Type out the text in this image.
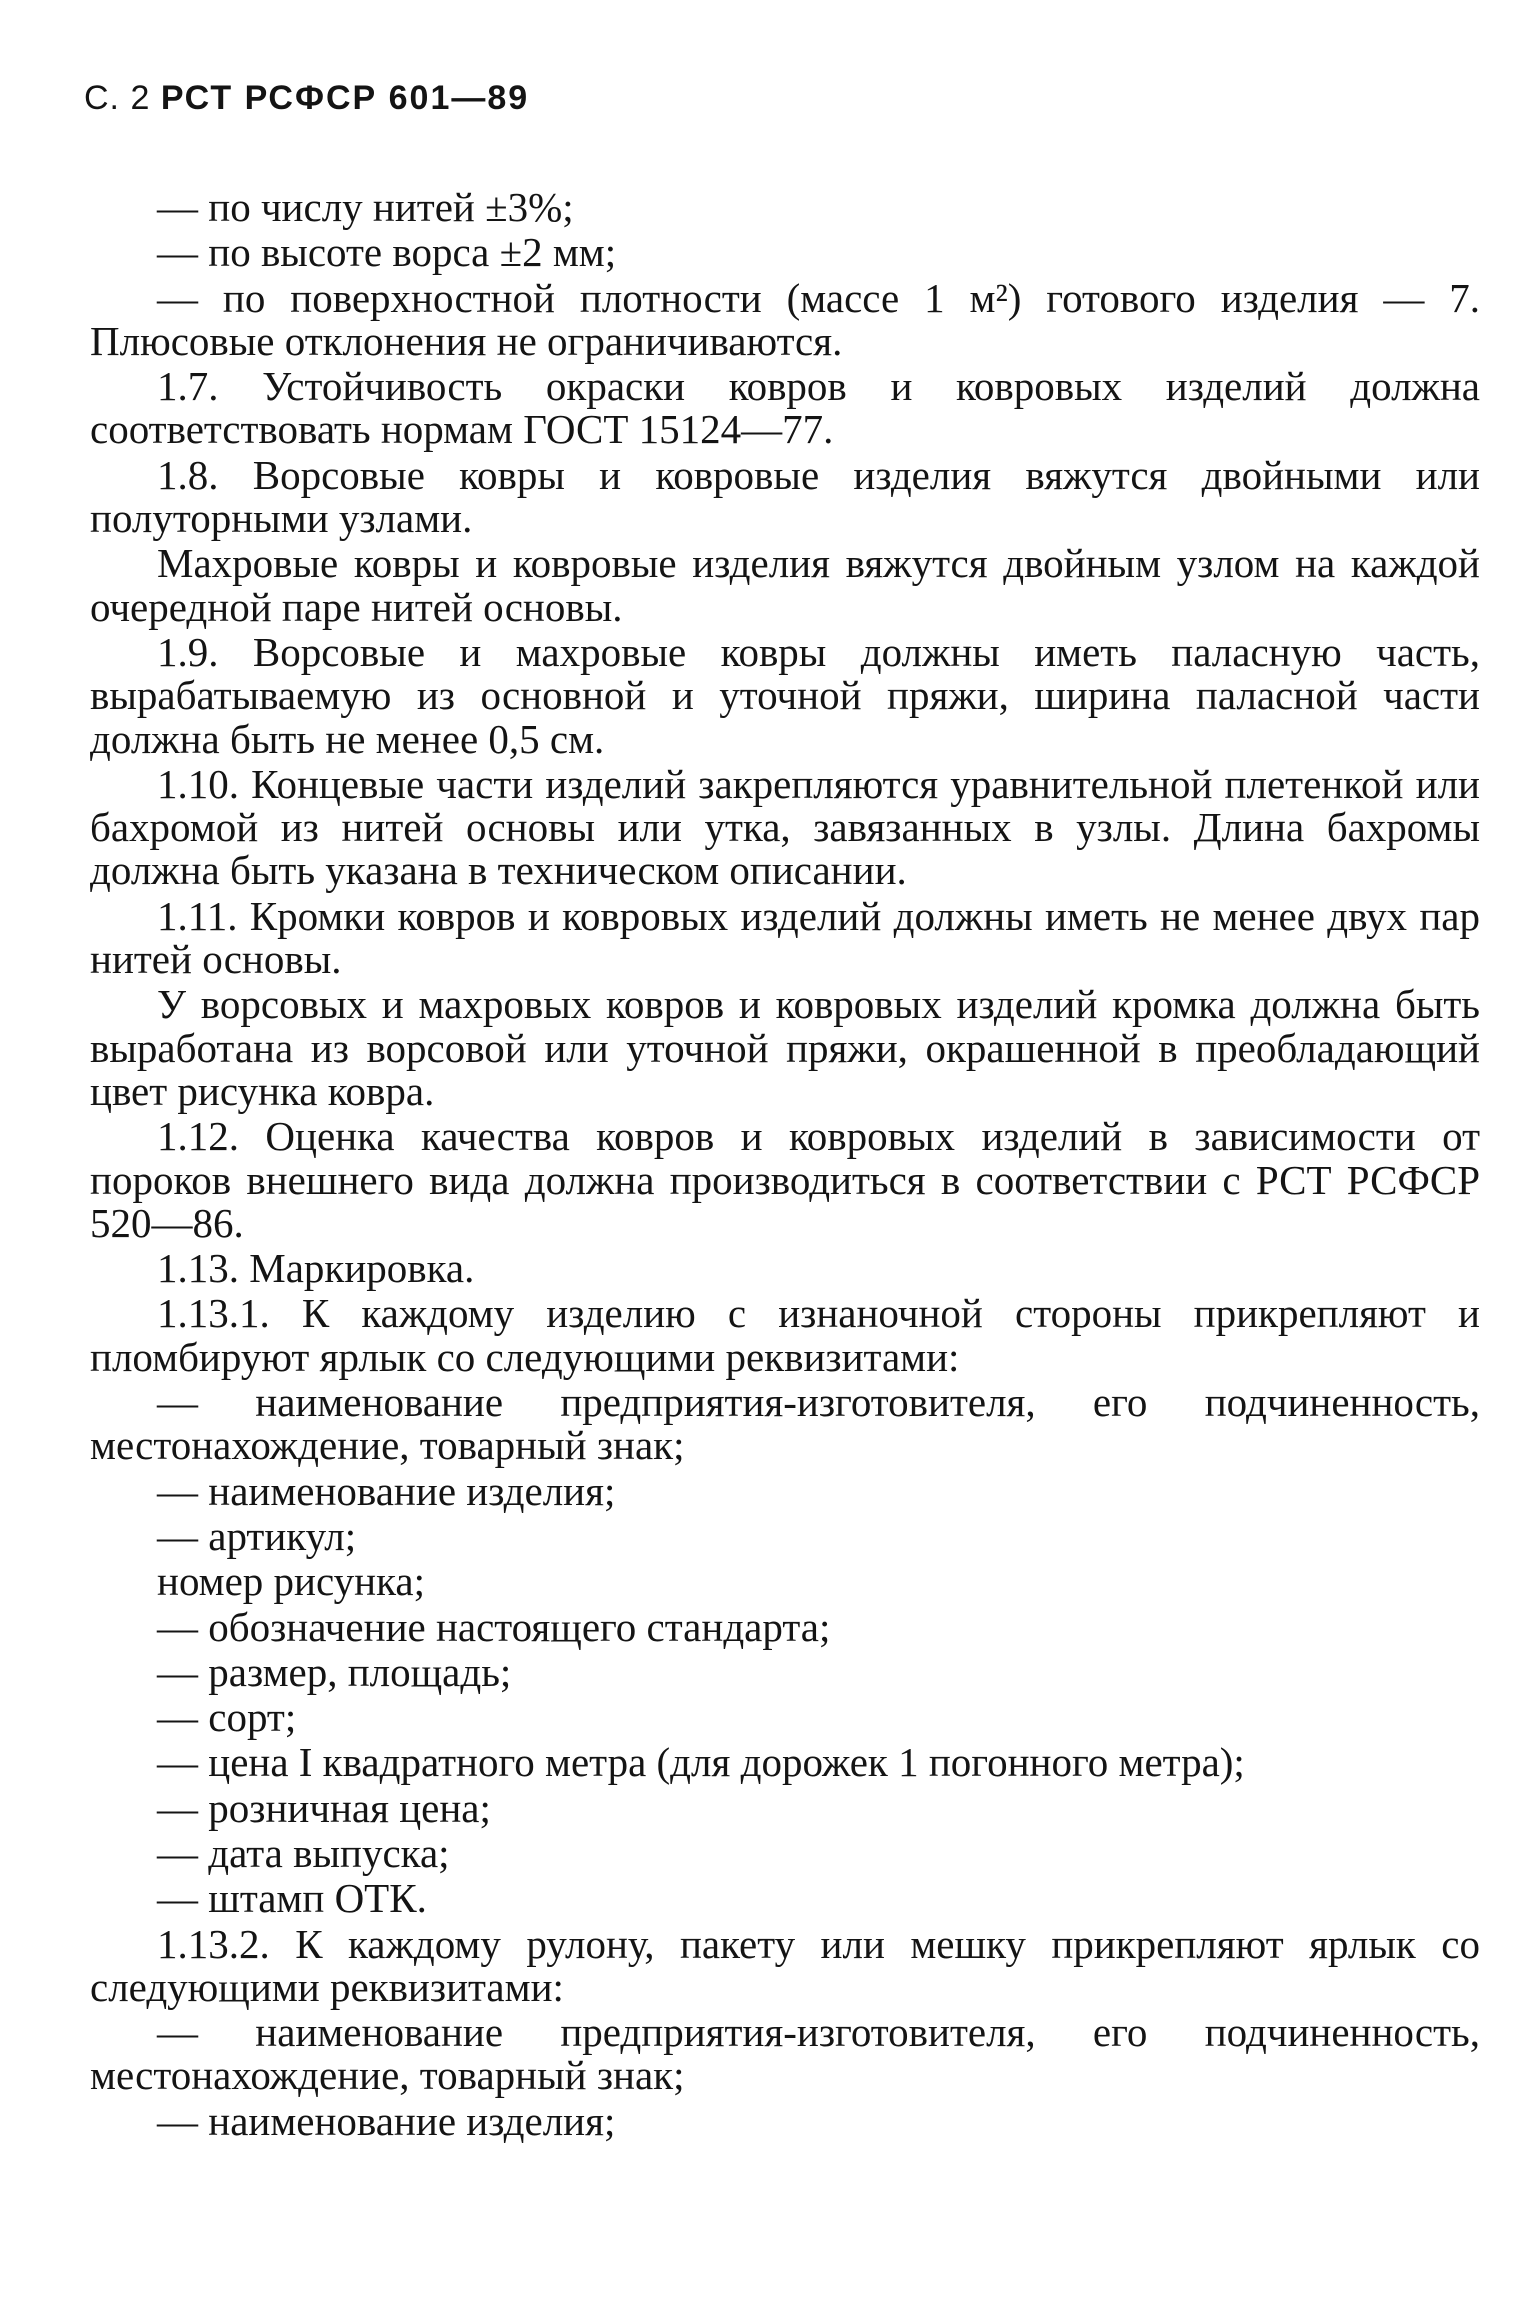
С. 2 РСТ РСФСР 601—89

— по числу нитей ±3%;

— по высоте ворса ±2 мм;

— по поверхностной плотности (массе 1 м²) готового изделия — 7. Плюсовые отклонения не ограничиваются.

1.7. Устойчивость окраски ковров и ковровых изделий должна соответствовать нормам ГОСТ 15124—77.

1.8. Ворсовые ковры и ковровые изделия вяжутся двойными или полуторными узлами.

Махровые ковры и ковровые изделия вяжутся двойным узлом на каждой очередной паре нитей основы.

1.9. Ворсовые и махровые ковры должны иметь паласную часть, вырабатываемую из основной и уточной пряжи, ширина паласной части должна быть не менее 0,5 см.

1.10. Концевые части изделий закрепляются уравнительной плетенкой или бахромой из нитей основы или утка, завязанных в узлы. Длина бахромы должна быть указана в техническом описании.

1.11. Кромки ковров и ковровых изделий должны иметь не менее двух пар нитей основы.

У ворсовых и махровых ковров и ковровых изделий кромка должна быть выработана из ворсовой или уточной пряжи, окрашенной в преобладающий цвет рисунка ковра.

1.12. Оценка качества ковров и ковровых изделий в зависимости от пороков внешнего вида должна производиться в соответствии с РСТ РСФСР 520—86.

1.13. Маркировка.

1.13.1. К каждому изделию с изнаночной стороны прикрепляют и пломбируют ярлык со следующими реквизитами:

— наименование предприятия-изготовителя, его подчиненность, местонахождение, товарный знак;

— наименование изделия;

— артикул;

номер рисунка;

— обозначение настоящего стандарта;

— размер, площадь;

— сорт;

— цена I квадратного метра (для дорожек 1 погонного метра);

— розничная цена;

— дата выпуска;

— штамп ОТК.

1.13.2. К каждому рулону, пакету или мешку прикрепляют ярлык со следующими реквизитами:

— наименование предприятия-изготовителя, его подчиненность, местонахождение, товарный знак;

— наименование изделия;
